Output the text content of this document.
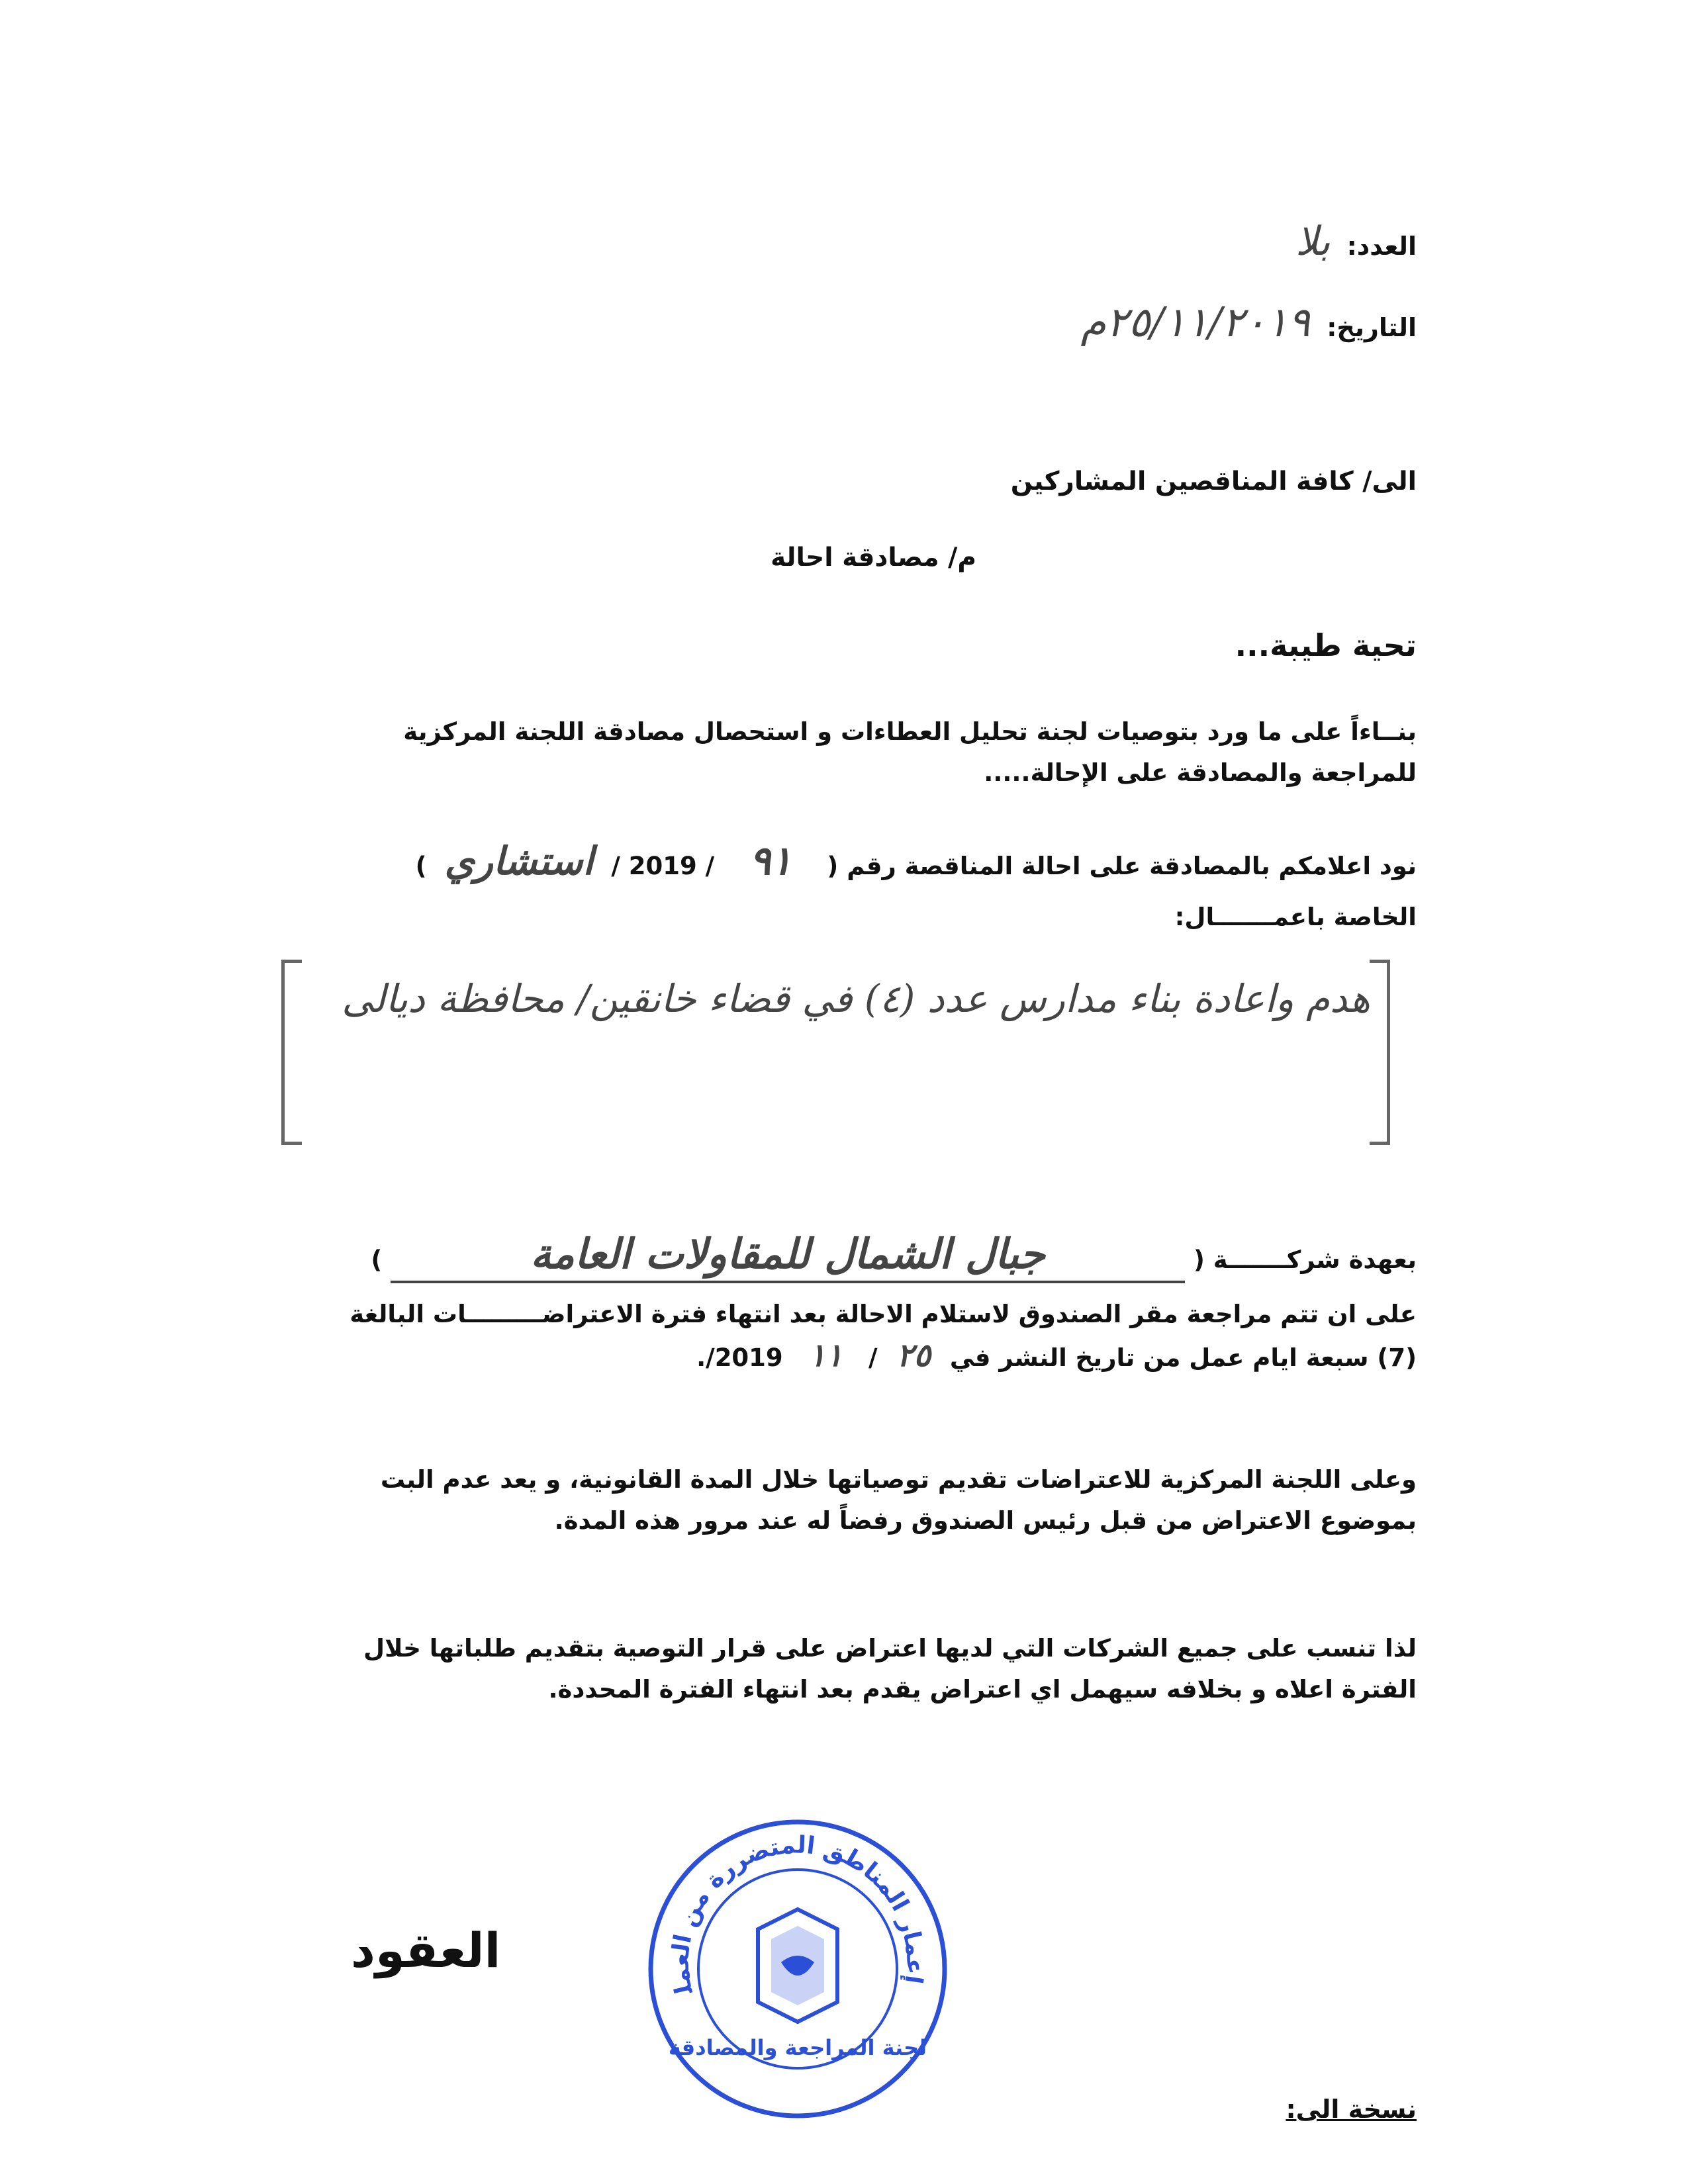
العدد: بلا
التاريخ: ٢٥/١١/٢٠١٩م
الى/ كافة المناقصين المشاركين
م/ مصادقة احالة
تحية طيبة...
بنــاءاً على ما ورد بتوصيات لجنة تحليل العطاءات و استحصال مصادقة اللجنة المركزية
للمراجعة والمصادقة على الإحالة.....
نود اعلامكم بالمصادقة على احالة المناقصة رقم ( ٩١ / 2019 / استشاري )
الخاصة باعمـــــــال:
هدم واعادة بناء مدارس عدد (٤) في قضاء خانقين/ محافظة ديالى
بعهدة شركـــــــة ( جبال الشمال للمقاولات العامة )
على ان تتم مراجعة مقر الصندوق لاستلام الاحالة بعد انتهاء فترة الاعتراضـــــــــات البالغة
(7) سبعة ايام عمل من تاريخ النشر في ٢٥ / ١١ 2019/.
وعلى اللجنة المركزية للاعتراضات تقديم توصياتها خلال المدة القانونية، و يعد عدم البت
بموضوع الاعتراض من قبل رئيس الصندوق رفضاً له عند مرور هذه المدة.
لذا تنسب على جميع الشركات التي لديها اعتراض على قرار التوصية بتقديم طلباتها خلال
الفترة اعلاه و بخلافه سيهمل اي اعتراض يقدم بعد انتهاء الفترة المحددة.
إعمار المناطق المتضررة من العمل
لجنة المراجعة والمصادقة
العقود
نسخة الى:
